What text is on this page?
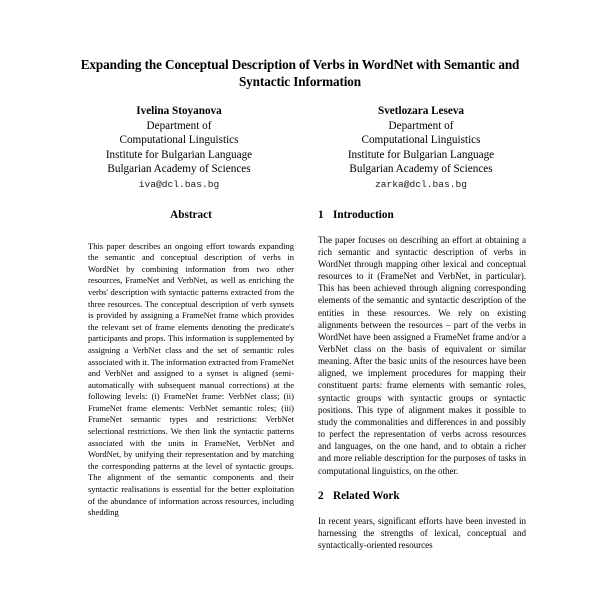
Expanding the Conceptual Description of Verbs in WordNet with Semantic and Syntactic Information
Ivelina Stoyanova
Department of
Computational Linguistics
Institute for Bulgarian Language
Bulgarian Academy of Sciences
iva@dcl.bas.bg
Svetlozara Leseva
Department of
Computational Linguistics
Institute for Bulgarian Language
Bulgarian Academy of Sciences
zarka@dcl.bas.bg
Abstract

This paper describes an ongoing effort towards expanding the semantic and conceptual description of verbs in WordNet by combining information from two other resources, FrameNet and VerbNet, as well as enriching the verbs' description with syntactic patterns extracted from the three resources. The conceptual description of verb synsets is provided by assigning a FrameNet frame which provides the relevant set of frame elements denoting the predicate's participants and props. This information is supplemented by assigning a VerbNet class and the set of semantic roles associated with it. The information extracted from FrameNet and VerbNet and assigned to a synset is aligned (semi-automatically with subsequent manual corrections) at the following levels: (i) FrameNet frame: VerbNet class; (ii) FrameNet frame elements: VerbNet semantic roles; (iii) FrameNet semantic types and restrictions: VerbNet selectional restrictions. We then link the syntactic patterns associated with the units in FrameNet, VerbNet and WordNet, by unifying their representation and by matching the corresponding patterns at the level of syntactic groups. The alignment of the semantic components and their syntactic realisations is essential for the better exploitation of the abundance of information across resources, including shedding

1 Introduction

The paper focuses on describing an effort at obtaining a rich semantic and syntactic description of verbs in WordNet through mapping other lexical and conceptual resources to it (FrameNet and VerbNet, in particular). This has been achieved through aligning corresponding elements of the semantic and syntactic description of the entities in these resources. We rely on existing alignments between the resources – part of the verbs in WordNet have been assigned a FrameNet frame and/or a VerbNet class on the basis of equivalent or similar meaning. After the basic units of the resources have been aligned, we implement procedures for mapping their constituent parts: frame elements with semantic roles, syntactic groups with syntactic groups or syntactic positions. This type of alignment makes it possible to study the commonalities and differences in and possibly to perfect the representation of verbs across resources and languages, on the one hand, and to obtain a richer and more reliable description for the purposes of tasks in computational linguistics, on the other.

2 Related Work

In recent years, significant efforts have been invested in harnessing the strengths of lexical, conceptual and syntactically-oriented resources
